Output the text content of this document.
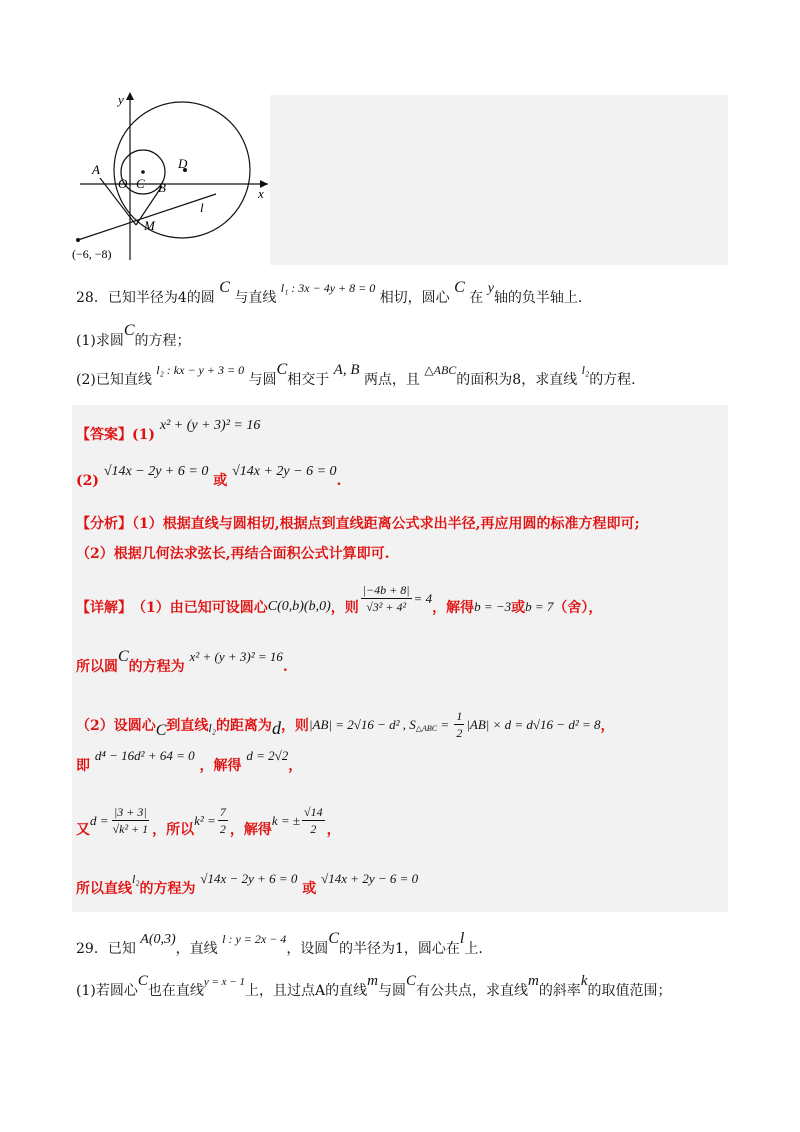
y
x
A
O C B
D
l
M
(−6, −8)
28．已知半径为4的圆 C 与直线 l₁ : 3x − 4y + 8 = 0 相切，圆心 C 在 y轴的负半轴上.
(1)求圆C的方程；
(2)已知直线 l₂ : kx − y + 3 = 0 与圆C相交于 A, B 两点，且 △ABC的面积为8，求直线 l₂的方程.
【答案】(1) x² + (y + 3)² = 16
(2) √14x − 2y + 6 = 0 或 √14x + 2y − 6 = 0.
【分析】（1）根据直线与圆相切,根据点到直线距离公式求出半径,再应用圆的标准方程即可;
（2）根据几何法求弦长,再结合面积公式计算即可.
【详解】 （1）由已知可设圆心 C(0,b)(b,0) ，则 $\frac{|-4b + 8|}{\text{√3² + 4²}} = 4$
，解得 b = −3 或 b = 7 （舍），
所以圆C的方程为 x² + (y + 3)² = 16.
（2）设圆心 C 到直线 l₂ 的距离为 d ，则 |AB| = 2√16 − d² , S △ABC = $\frac{1}{2} |AB| \times d = d√16 - d^2 = 8$ ，
即 d⁴ − 16d² + 64 = 0 ，解得 d = 2√2，
又
$d = \frac{|3 + 3|}{\text{√k² + 1}}$ ，所以
$k^2 = \frac{7}{2}$ ，解得
k = ± $\frac{√14}{2}$ ，
所以直线l₂的方程为 √14x − 2y + 6 = 0 或 √14x + 2y − 6 = 0
29．已知 A(0,3)，直线 l : y = 2x − 4，设圆C的半径为1，圆心在l上.
(1)若圆心C也在直线$^{y = x - 1}$上，且过点A的直线m与圆C有公共点，求直线m的斜率k的取值范围；
